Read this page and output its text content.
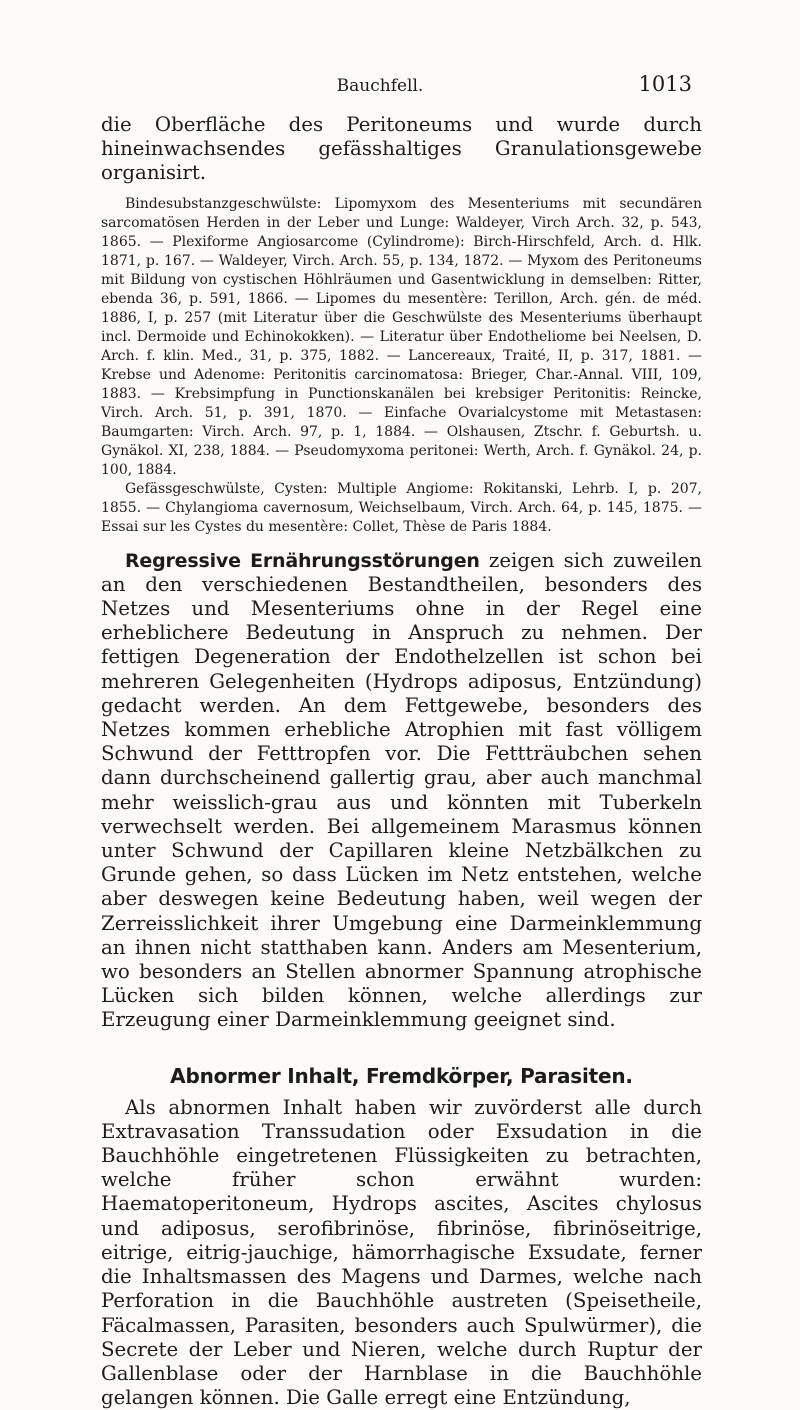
Bauchfell.	1013

die Oberfläche des Peritoneums und wurde durch hineinwachsendes gefässhaltiges Granulationsgewebe organisirt.

Bindesubstanzgeschwülste: Lipomyxom des Mesenteriums mit secundären sarcomatösen Herden in der Leber und Lunge: Waldeyer, Virch Arch. 32, p. 543, 1865. — Plexiforme Angiosarcome (Cylindrome): Birch-Hirschfeld, Arch. d. Hlk. 1871, p. 167. — Waldeyer, Virch. Arch. 55, p. 134, 1872. — Myxom des Peritoneums mit Bildung von cystischen Höhlräumen und Gasentwicklung in demselben: Ritter, ebenda 36, p. 591, 1866. — Lipomes du mesentère: Terillon, Arch. gén. de méd. 1886, I, p. 257 (mit Literatur über die Geschwülste des Mesenteriums überhaupt incl. Dermoide und Echinokokken). — Literatur über Endotheliome bei Neelsen, D. Arch. f. klin. Med., 31, p. 375, 1882. — Lancereaux, Traité, II, p. 317, 1881. — Krebse und Adenome: Peritonitis carcinomatosa: Brieger, Char.-Annal. VIII, 109, 1883. — Krebsimpfung in Punctionskanälen bei krebsiger Peritonitis: Reincke, Virch. Arch. 51, p. 391, 1870. — Einfache Ovarialcystome mit Metastasen: Baumgarten: Virch. Arch. 97, p. 1, 1884. — Olshausen, Ztschr. f. Geburtsh. u. Gynäkol. XI, 238, 1884. — Pseudomyxoma peritonei: Werth, Arch. f. Gynäkol. 24, p. 100, 1884.

Gefässgeschwülste, Cysten: Multiple Angiome: Rokitanski, Lehrb. I, p. 207, 1855. — Chylangioma cavernosum, Weichselbaum, Virch. Arch. 64, p. 145, 1875. — Essai sur les Cystes du mesentère: Collet, Thèse de Paris 1884.

Regressive Ernährungsstörungen zeigen sich zuweilen an den verschiedenen Bestandtheilen, besonders des Netzes und Mesenteriums ohne in der Regel eine erheblichere Bedeutung in Anspruch zu nehmen. Der fettigen Degeneration der Endothelzellen ist schon bei mehreren Gelegenheiten (Hydrops adiposus, Entzündung) gedacht werden. An dem Fettgewebe, besonders des Netzes kommen erhebliche Atrophien mit fast völligem Schwund der Fetttropfen vor. Die Fettträubchen sehen dann durchscheinend gallertig grau, aber auch manchmal mehr weisslich-grau aus und könnten mit Tuberkeln verwechselt werden. Bei allgemeinem Marasmus können unter Schwund der Capillaren kleine Netzbälkchen zu Grunde gehen, so dass Lücken im Netz entstehen, welche aber deswegen keine Bedeutung haben, weil wegen der Zerreisslichkeit ihrer Umgebung eine Darmeinklemmung an ihnen nicht statthaben kann. Anders am Mesenterium, wo besonders an Stellen abnormer Spannung atrophische Lücken sich bilden können, welche allerdings zur Erzeugung einer Darmeinklemmung geeignet sind.

Abnormer Inhalt, Fremdkörper, Parasiten.

Als abnormen Inhalt haben wir zuvörderst alle durch Extravasation Transsudation oder Exsudation in die Bauchhöhle eingetretenen Flüssigkeiten zu betrachten, welche früher schon erwähnt wurden: Haematoperitoneum, Hydrops ascites, Ascites chylosus und adiposus, serofibrinöse, fibrinöse, fibrinöseitrige, eitrige, eitrig-jauchige, hämorrhagische Exsudate, ferner die Inhaltsmassen des Magens und Darmes, welche nach Perforation in die Bauchhöhle austreten (Speisetheile, Fäcalmassen, Parasiten, besonders auch Spulwürmer), die Secrete der Leber und Nieren, welche durch Ruptur der Gallenblase oder der Harnblase in die Bauchhöhle gelangen können. Die Galle erregt eine Entzündung,
